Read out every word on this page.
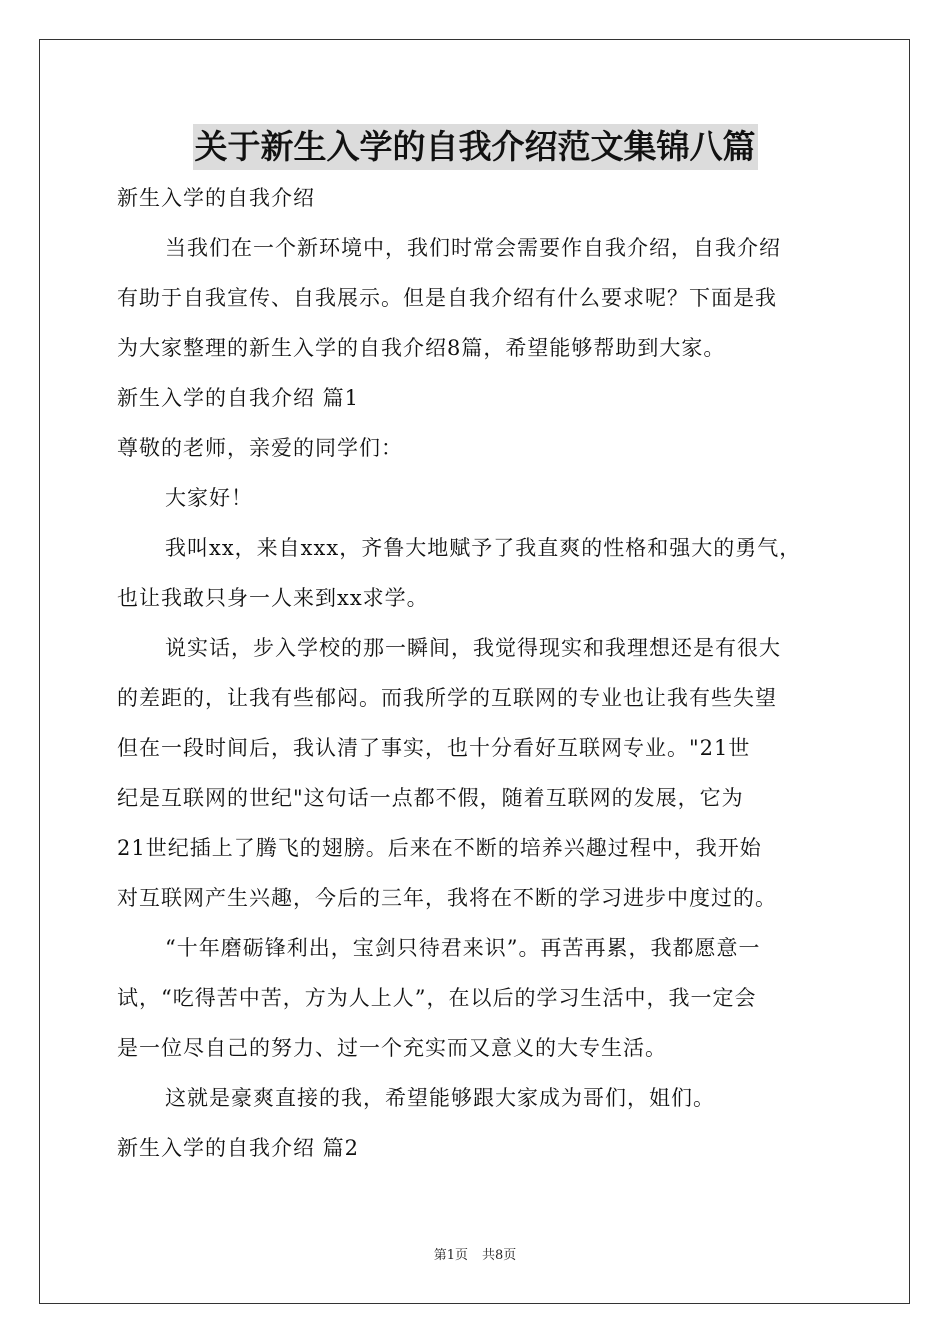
关于新生入学的自我介绍范文集锦八篇
新生入学的自我介绍
当我们在一个新环境中，我们时常会需要作自我介绍，自我介绍
有助于自我宣传、自我展示。但是自我介绍有什么要求呢？下面是我
为大家整理的新生入学的自我介绍8篇，希望能够帮助到大家。
新生入学的自我介绍 篇1
尊敬的老师，亲爱的同学们：
大家好！
我叫xx，来自xxx，齐鲁大地赋予了我直爽的性格和强大的勇气，
也让我敢只身一人来到xx求学。
说实话，步入学校的那一瞬间，我觉得现实和我理想还是有很大
的差距的，让我有些郁闷。而我所学的互联网的专业也让我有些失望
但在一段时间后，我认清了事实，也十分看好互联网专业。"21世
纪是互联网的世纪"这句话一点都不假，随着互联网的发展，它为
21世纪插上了腾飞的翅膀。后来在不断的培养兴趣过程中，我开始
对互联网产生兴趣，今后的三年，我将在不断的学习进步中度过的。
“十年磨砺锋利出，宝剑只待君来识”。再苦再累，我都愿意一
试，“吃得苦中苦，方为人上人”，在以后的学习生活中，我一定会
是一位尽自己的努力、过一个充实而又意义的大专生活。
这就是豪爽直接的我，希望能够跟大家成为哥们，姐们。
新生入学的自我介绍 篇2
第1页 共8页
